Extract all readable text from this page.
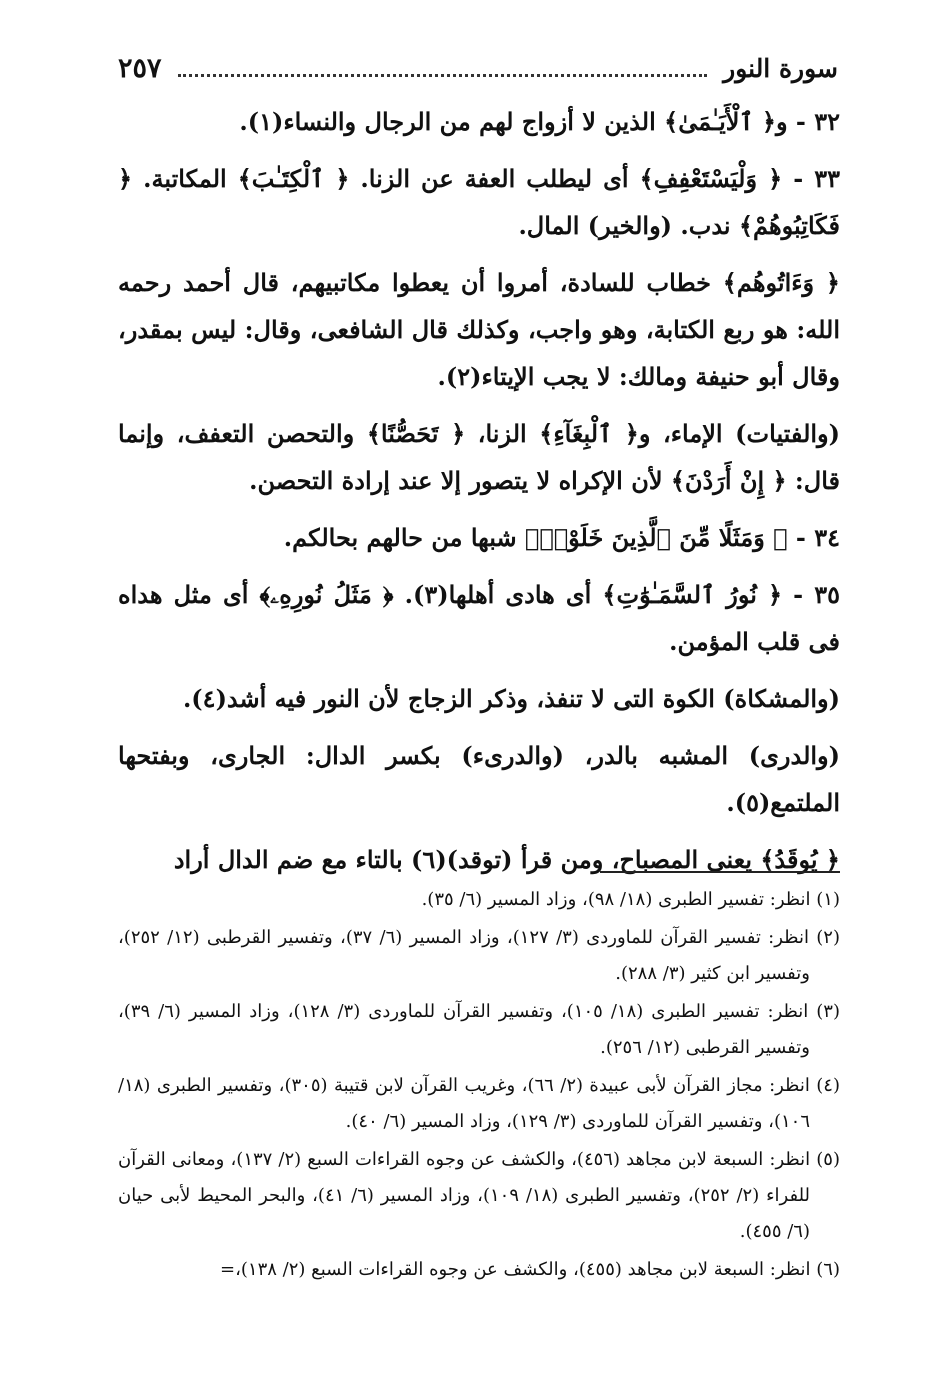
سورة النور
٢٥٧

٣٢ - و﴿ ٱلْأَيَـٰمَىٰ﴾ الذين لا أزواج لهم من الرجال والنساء(١).

٣٣ - ﴿ وَلْيَسْتَعْفِفِ﴾ أى ليطلب العفة عن الزنا. ﴿ ٱلْكِتَـٰبَ﴾ المكاتبة. ﴿ فَكَاتِبُوهُمْ﴾ ندب. (والخير) المال.

﴿ وَءَاتُوهُم﴾ خطاب للسادة، أمروا أن يعطوا مكاتبيهم، قال أحمد رحمه الله: هو ربع الكتابة، وهو واجب، وكذلك قال الشافعى، وقال: ليس بمقدر، وقال أبو حنيفة ومالك: لا يجب الإيتاء(٢).

(والفتيات) الإماء، و﴿ ٱلْبِغَآءِ﴾ الزنا، ﴿ تَحَصُّنًا﴾ والتحصن التعفف، وإنما قال: ﴿ إِنْ أَرَدْنَ﴾ لأن الإكراه لا يتصور إلا عند إرادة التحصن.

٣٤ - ﴿ وَمَثَلًا مِّنَ ٱلَّذِينَ خَلَوْا۟﴾ شبها من حالهم بحالكم.

٣٥ - ﴿ نُورُ ٱلسَّمَـٰوَٰتِ﴾ أى هادى أهلها(٣). ﴿ مَثَلُ نُورِهِۦ﴾ أى مثل هداه فى قلب المؤمن.

(والمشكاة) الكوة التى لا تنفذ، وذكر الزجاج لأن النور فيه أشد(٤).

(والدرى) المشبه بالدر، (والدرىء) بكسر الدال: الجارى، وبفتحها الملتمع(٥).

﴿ يُوقَدُ﴾ يعنى المصباح، ومن قرأ (توقد)(٦) بالتاء مع ضم الدال أراد

(١) انظر: تفسير الطبرى (١٨/ ٩٨)، وزاد المسير (٦/ ٣٥).

(٢) انظر: تفسير القرآن للماوردى (٣/ ١٢٧)، وزاد المسير (٦/ ٣٧)، وتفسير القرطبى (١٢/ ٢٥٢)، وتفسير ابن كثير (٣/ ٢٨٨).

(٣) انظر: تفسير الطبرى (١٨/ ١٠٥)، وتفسير القرآن للماوردى (٣/ ١٢٨)، وزاد المسير (٦/ ٣٩)، وتفسير القرطبى (١٢/ ٢٥٦).

(٤) انظر: مجاز القرآن لأبى عبيدة (٢/ ٦٦)، وغريب القرآن لابن قتيبة (٣٠٥)، وتفسير الطبرى (١٨/ ١٠٦)، وتفسير القرآن للماوردى (٣/ ١٢٩)، وزاد المسير (٦/ ٤٠).

(٥) انظر: السبعة لابن مجاهد (٤٥٦)، والكشف عن وجوه القراءات السبع (٢/ ١٣٧)، ومعانى القرآن للفراء (٢/ ٢٥٢)، وتفسير الطبرى (١٨/ ١٠٩)، وزاد المسير (٦/ ٤١)، والبحر المحيط لأبى حيان (٦/ ٤٥٥).

(٦) انظر: السبعة لابن مجاهد (٤٥٥)، والكشف عن وجوه القراءات السبع (٢/ ١٣٨)،=
